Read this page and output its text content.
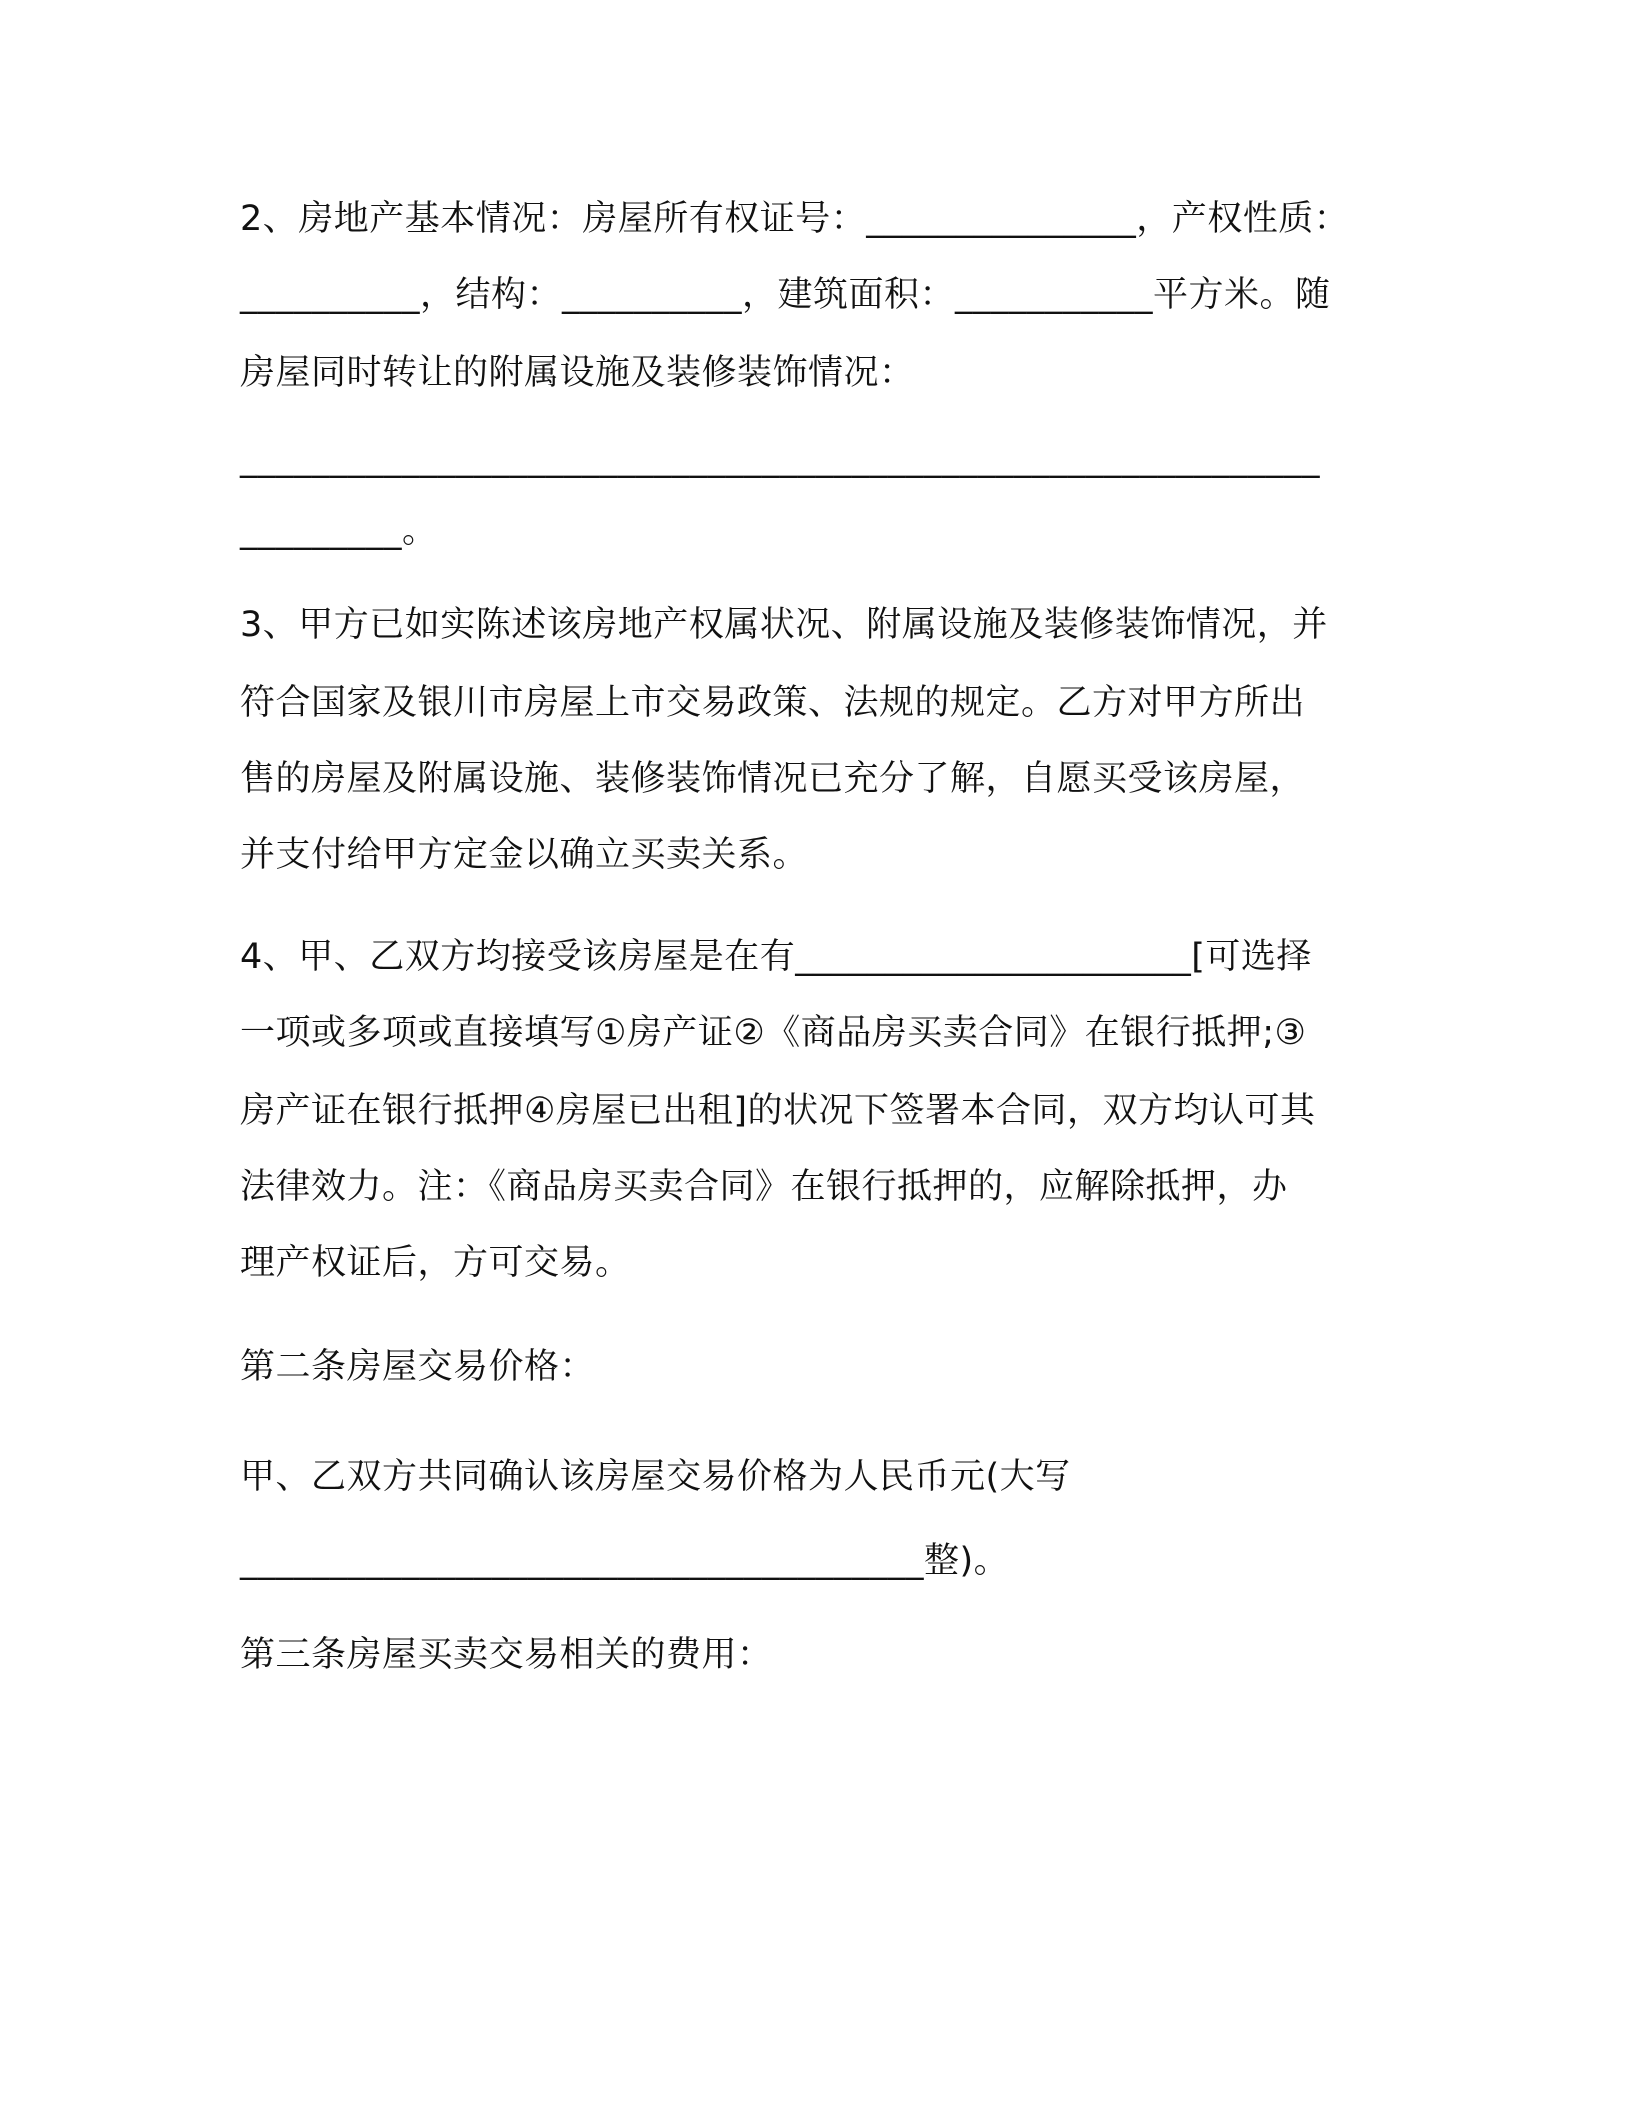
2、房地产基本情况：房屋所有权证号：_______________，产权性质：
__________，结构：__________，建筑面积：___________平方米。随
房屋同时转让的附属设施及装修装饰情况：
____________________________________________________________
_________。
3、甲方已如实陈述该房地产权属状况、附属设施及装修装饰情况，并
符合国家及银川市房屋上市交易政策、法规的规定。乙方对甲方所出
售的房屋及附属设施、装修装饰情况已充分了解，自愿买受该房屋，
并支付给甲方定金以确立买卖关系。
4、甲、乙双方均接受该房屋是在有______________________[可选择
一项或多项或直接填写①房产证②《商品房买卖合同》在银行抵押;③
房产证在银行抵押④房屋已出租]的状况下签署本合同，双方均认可其
法律效力。注：《商品房买卖合同》在银行抵押的，应解除抵押，办
理产权证后，方可交易。
第二条房屋交易价格：
甲、乙双方共同确认该房屋交易价格为人民币元(大写
______________________________________整)。
第三条房屋买卖交易相关的费用：
